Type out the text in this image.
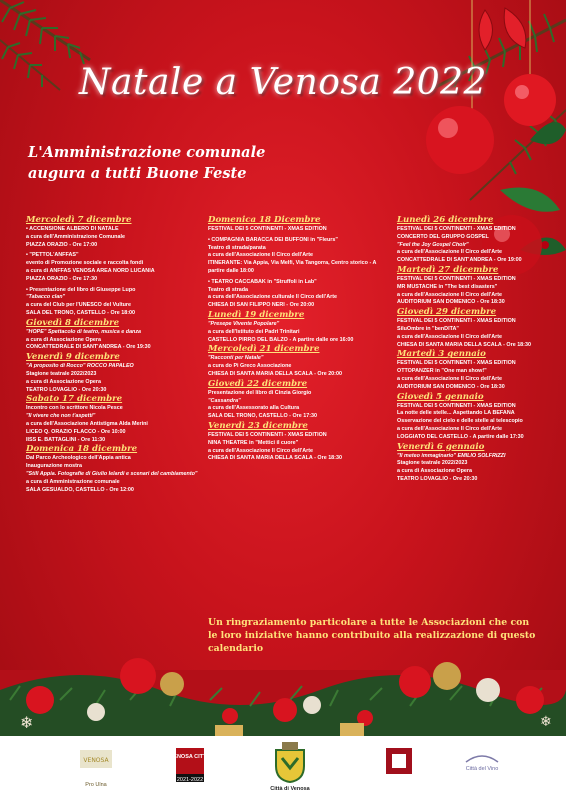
❄	❄
Natale a Venosa 2022
L'Amministrazione comunale
augura a tutti Buone Feste
Mercoledì 7 dicembre
• ACCENSIONE ALBERO DI NATALE
a cura dell'Amministrazione Comunale
PIAZZA ORAZIO - Ore 17:00
• "PETTOL'ANFFAS"
evento di Promozione sociale e raccolta fondi
a cura di ANFFAS VENOSA AREA NORD LUCANIA
PIAZZA ORAZIO - Ore 17:30
• Presentazione del libro di Giuseppe Lupo
"Tabacco clan"
a cura del Club per l'UNESCO del Vulture
SALA DEL TRONO, CASTELLO - Ore 18:00
Giovedì 8 dicembre
"HOPE" Spettacolo di teatro, musica e danza
a cura di Associazione Opera
CONCATTEDRALE DI SANT'ANDREA - Ore 19:30
Venerdì 9 dicembre
"A proposito di Rocco" ROCCO PAPALEO
Stagione teatrale 2022/2023
a cura di Associazione Opera
TEATRO LOVAGLIO - Ore 20:30
Sabato 17 dicembre
Incontro con lo scrittore Nicola Pesce
"Il vivere che non t'aspetti"
a cura dell'Associazione Antistigma Alda Merini
LICEO Q. ORAZIO FLACCO - Ore 10:00
IISS E. BATTAGLINI - Ore 11:30
Domenica 18 dicembre
Dal Parco Archeologico dell'Appia antica
Inaugurazione mostra
"Still Appia. Fotografie di Giulio Ielardi e scenari del cambiamento"
a cura di Amministrazione comunale
SALA GESUALDO, CASTELLO - Ore 12:00
Domenica 18 Dicembre
FESTIVAL DEI 5 CONTINENTI - XMAS EDITION
• COMPAGNIA BARACCA DEI BUFFONI in "Fleurs"
Teatro di strada/parata
a cura dell'Associazione Il Circo dell'Arte
ITINERANTE: Via Appia, Via Melfi, Via Tangorra, Centro storico - A partire dalle 18:00
• TEATRO CACCABAK in "Struffoli in Lab"
Teatro di strada
a cura dell'Associazione culturale Il Circo dell'Arte
CHIESA DI SAN FILIPPO NERI - Ore 20:00
Lunedì 19 dicembre
"Presepe Vivente Popolare"
a cura dell'Istituto dei Padri Trinitari
CASTELLO PIRRO DEL BALZO - A partire dalle ore 16:00
Mercoledì 21 dicembre
"Racconti per Natale"
a cura do Pi Greco Associazione
CHIESA DI SANTA MARIA DELLA SCALA - Ore 20:00
Giovedì 22 dicembre
Presentazione del libro di Cinzia Giorgio
"Cassandra"
a cura dell'Assessorato alla Cultura
SALA DEL TRONO, CASTELLO - Ore 17:30
Venerdì 23 dicembre
FESTIVAL DEI 5 CONTINENTI - XMAS EDITION
NINA THEATRE in "Mettici il cuore"
a cura dell'Associazione Il Circo dell'Arte
CHIESA DI SANTA MARIA DELLA SCALA - Ore 18:30
Lunedì 26 dicembre
FESTIVAL DEI 5 CONTINENTI - XMAS EDITION
CONCERTO DEL GRUPPO GOSPEL
"Feel the Joy Gospel Choir"
a cura dell'Associazione Il Circo dell'Arte
CONCATTEDRALE DI SANT'ANDREA - Ore 19:00
Martedì 27 dicembre
FESTIVAL DEI 5 CONTINENTI - XMAS EDITION
MR MUSTACHE in "The best disasters"
a cura dell'Associazione Il Circo dell'Arte
AUDITORIUM SAN DOMENICO - Ore 18:30
Giovedì 29 dicembre
FESTIVAL DEI 5 CONTINENTI - XMAS EDITION
SiluOmbre in "benDITA"
a cura dell'Associazione Il Circo dell'Arte
CHIESA DI SANTA MARIA DELLA SCALA - Ore 18:30
Martedì 3 gennaio
FESTIVAL DEI 5 CONTINENTI - XMAS EDITION
OTTOPANZER in "One man show!"
a cura dell'Associazione Il Circo dell'Arte
AUDITORIUM SAN DOMENICO - Ore 18:30
Giovedì 5 gennaio
FESTIVAL DEI 5 CONTINENTI - XMAS EDITION
La notte delle stelle... Aspettando LA BEFANA
Osservazione del cielo e delle stelle al telescopio
a cura dell'Associazione Il Circo dell'Arte
LOGGIATO DEL CASTELLO - A partire dalle 17:30
Venerdì 6 gennaio
"Il meteo immaginario" EMILIO SOLFRIZZI
Stagione teatrale 2022/2023
a cura di Associazione Opera
TEATRO LOVAGLIO - Ore 20:30
Un ringraziamento particolare a tutte le Associazioni che con le loro iniziative hanno contribuito alla realizzazione di questo calendario
VENOSA
Pro Ulna
VENOSA CITTÀ
2021-2022
Città di Venosa
Città del Vino
